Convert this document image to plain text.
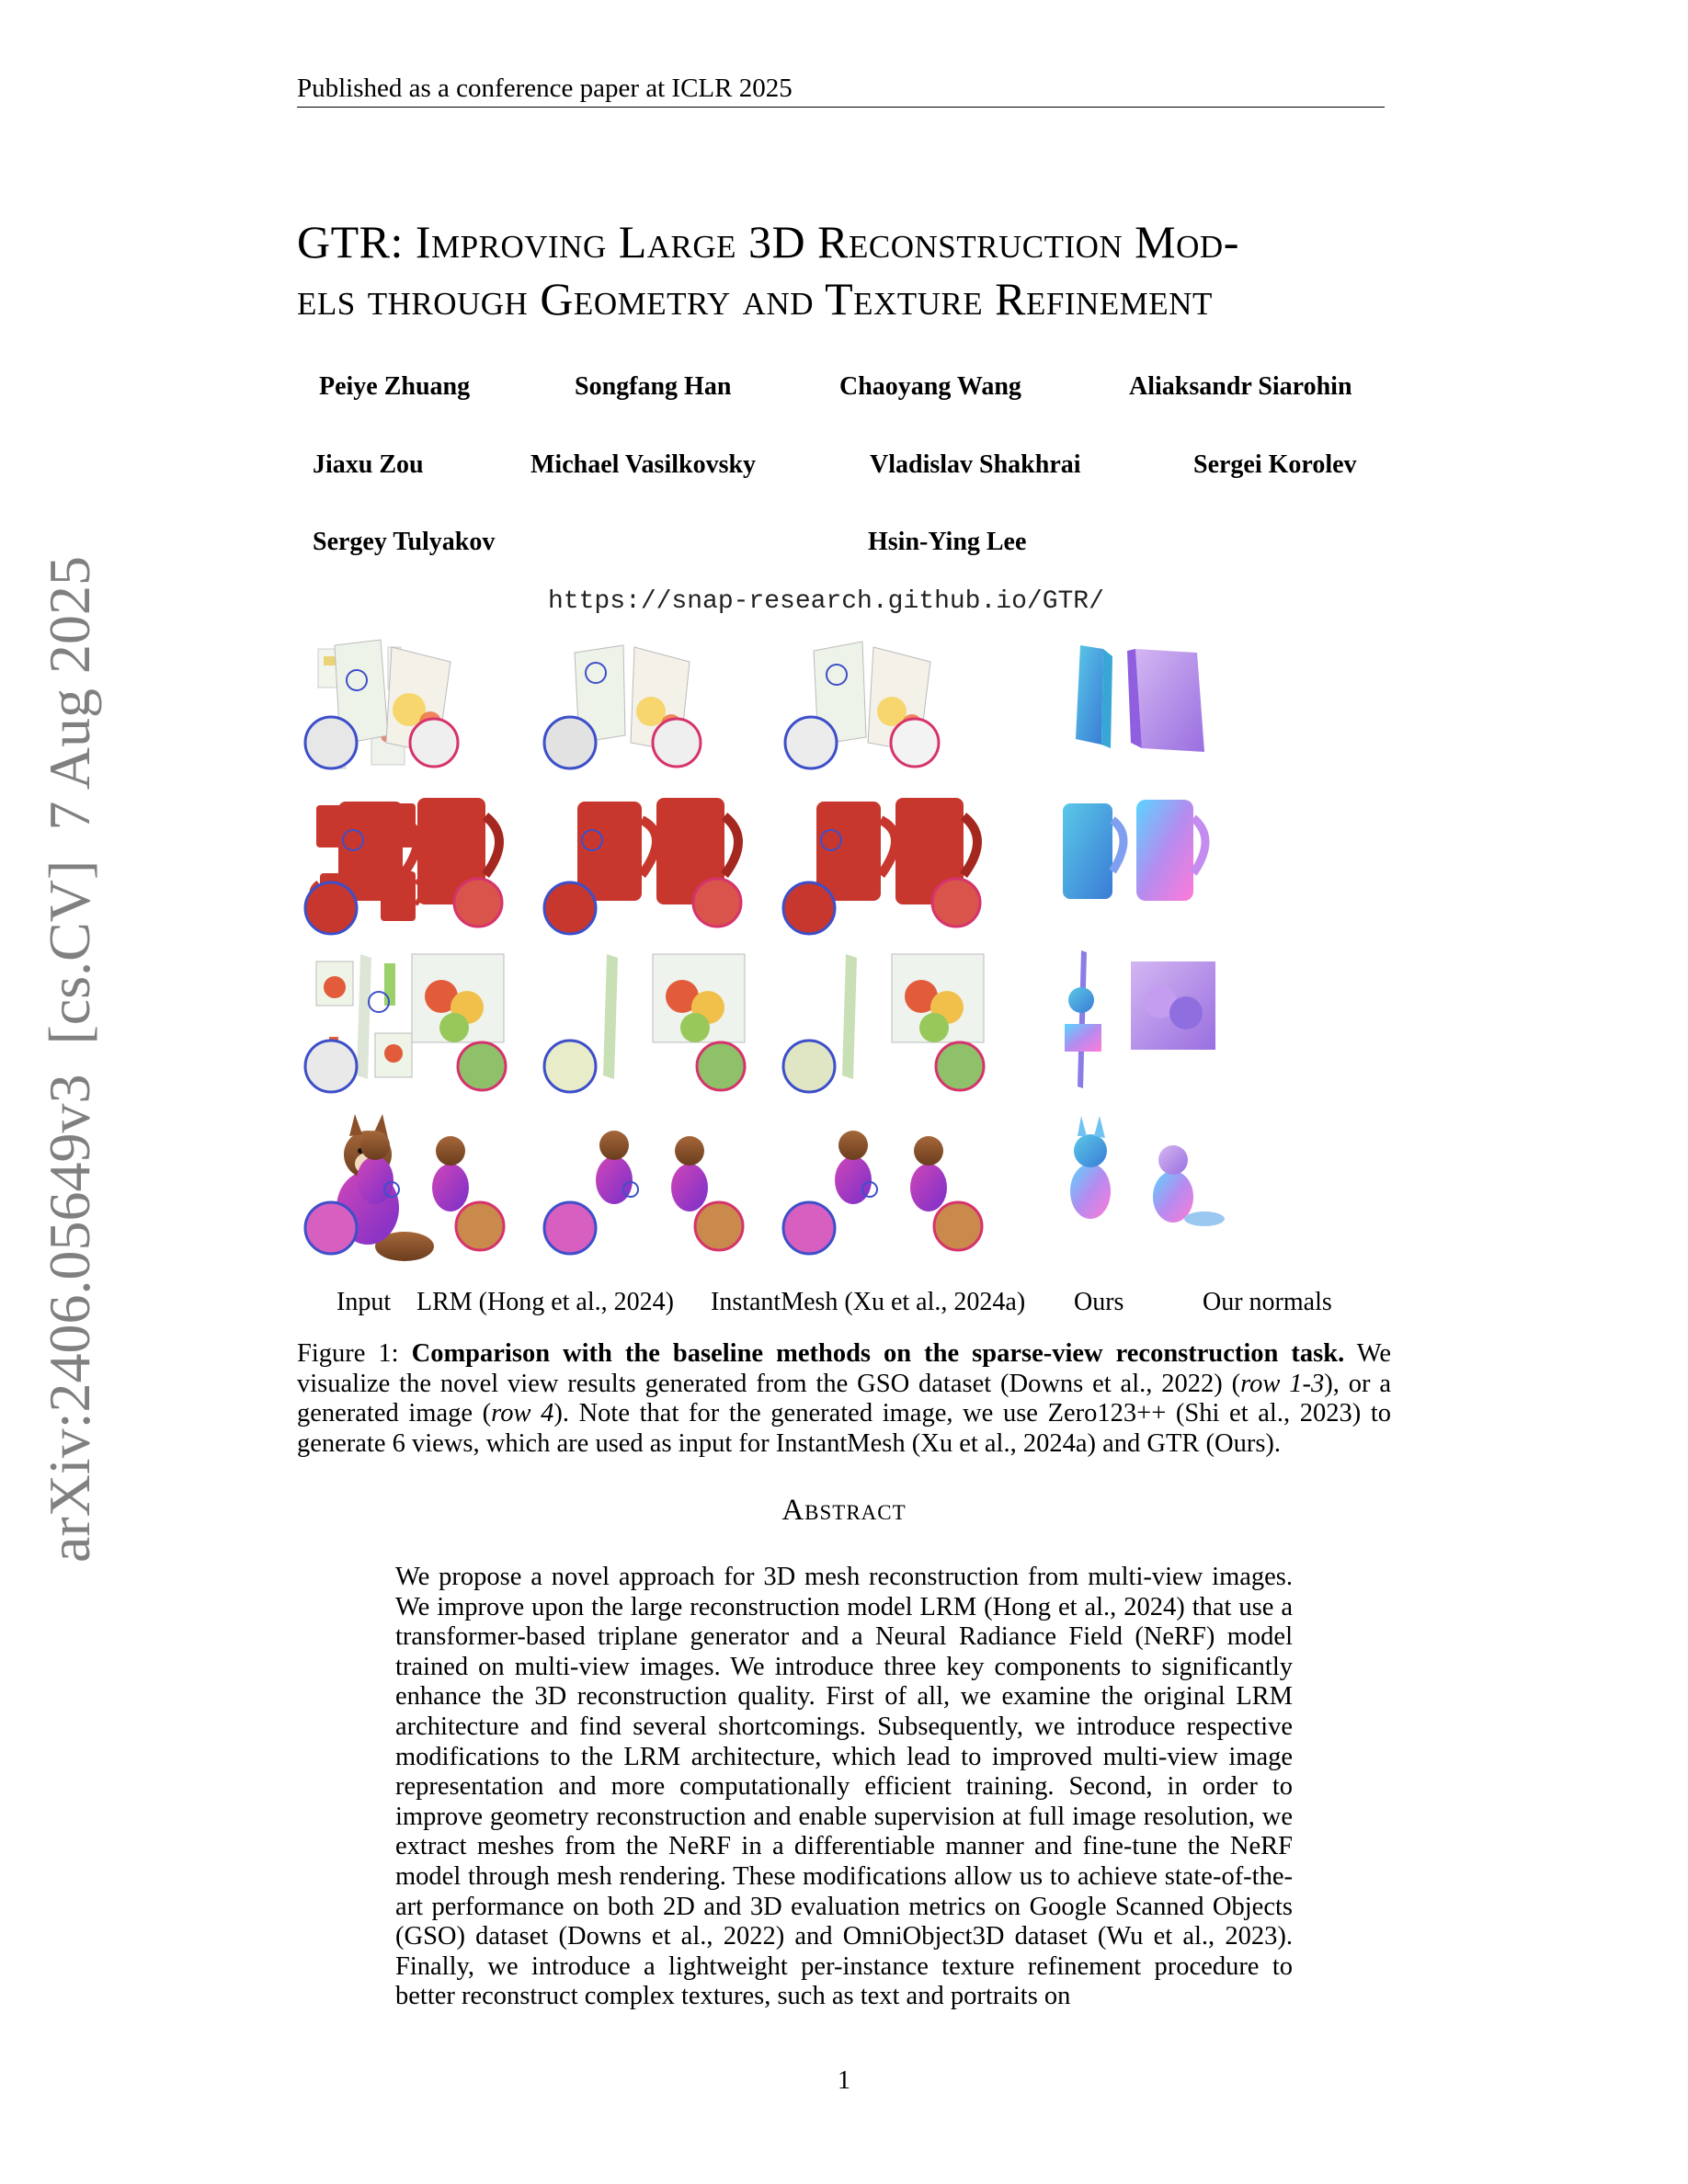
Published as a conference paper at ICLR 2025
arXiv:2406.05649v3  [cs.CV]  7 Aug 2025
GTR: Improving Large 3D Reconstruction Mod-
els through Geometry and Texture Refinement
Peiye Zhuang	Songfang Han	Chaoyang Wang	Aliaksandr Siarohin
Jiaxu Zou	Michael Vasilkovsky	Vladislav Shakhrai	Sergei Korolev
Sergey Tulyakov	Hsin-Ying Lee
https://snap-research.github.io/GTR/
Input LRM (Hong et al., 2024) InstantMesh (Xu et al., 2024a) Ours	Our normals
Figure 1: Comparison with the baseline methods on the sparse-view reconstruction task. We visualize the novel view results generated from the GSO dataset (Downs et al., 2022) (row 1-3), or a generated image (row 4). Note that for the generated image, we use Zero123++ (Shi et al., 2023) to generate 6 views, which are used as input for InstantMesh (Xu et al., 2024a) and GTR (Ours).
Abstract
We propose a novel approach for 3D mesh reconstruction from multi-view images. We improve upon the large reconstruction model LRM (Hong et al., 2024) that use a transformer-based triplane generator and a Neural Radiance Field (NeRF) model trained on multi-view images. We introduce three key components to significantly enhance the 3D reconstruction quality. First of all, we examine the original LRM architecture and find several shortcomings. Subsequently, we introduce respective modifications to the LRM architecture, which lead to improved multi-view image representation and more computationally efficient training. Second, in order to improve geometry reconstruction and enable supervision at full image resolution, we extract meshes from the NeRF in a differentiable manner and fine-tune the NeRF model through mesh rendering. These modifications allow us to achieve state-of-the-art performance on both 2D and 3D evaluation metrics on Google Scanned Objects (GSO) dataset (Downs et al., 2022) and OmniObject3D dataset (Wu et al., 2023). Finally, we introduce a lightweight per-instance texture refinement procedure to better reconstruct complex textures, such as text and portraits on
1
